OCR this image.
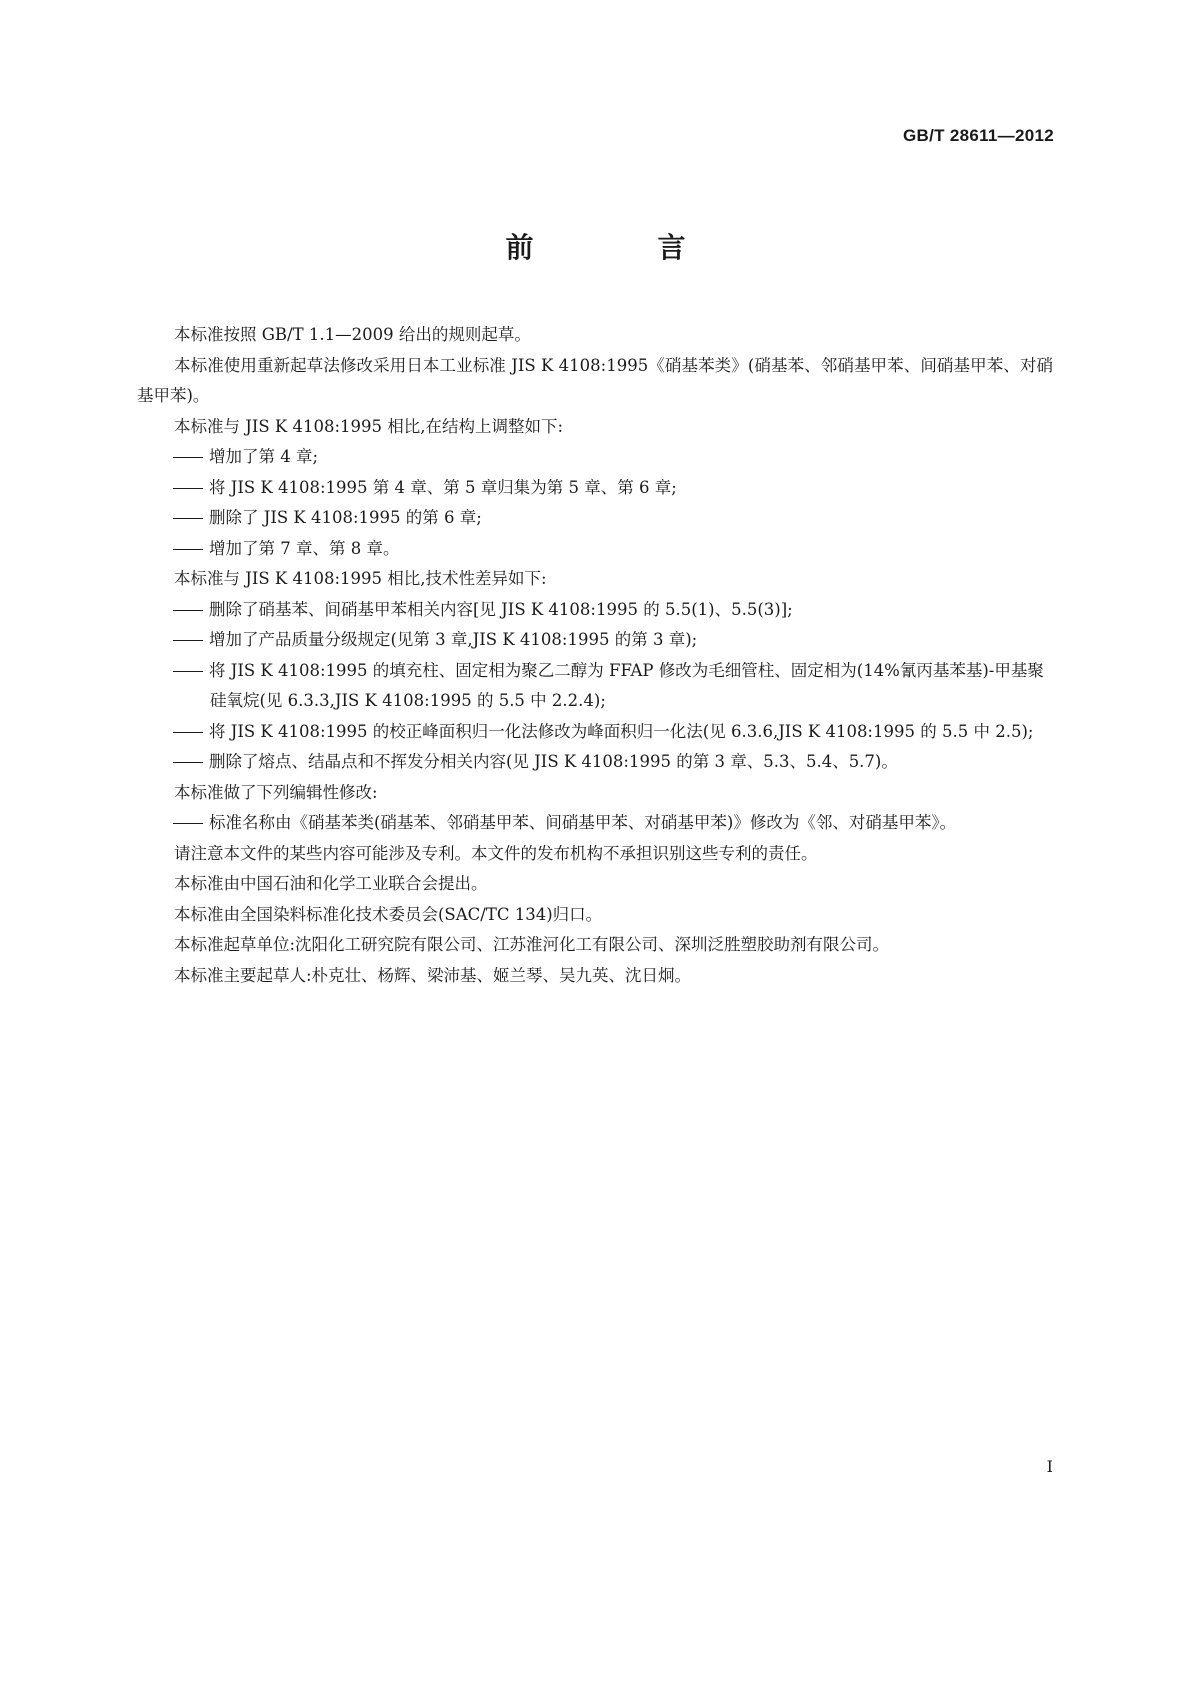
GB/T 28611—2012
前　言

本标准按照 GB/T 1.1—2009 给出的规则起草。

本标准使用重新起草法修改采用日本工业标准 JIS K 4108:1995《硝基苯类》(硝基苯、邻硝基甲苯、间硝基甲苯、对硝基甲苯)。

本标准与 JIS K 4108:1995 相比,在结构上调整如下:

增加了第 4 章;

将 JIS K 4108:1995 第 4 章、第 5 章归集为第 5 章、第 6 章;

删除了 JIS K 4108:1995 的第 6 章;

增加了第 7 章、第 8 章。

本标准与 JIS K 4108:1995 相比,技术性差异如下:

删除了硝基苯、间硝基甲苯相关内容[见 JIS K 4108:1995 的 5.5(1)、5.5(3)];

增加了产品质量分级规定(见第 3 章,JIS K 4108:1995 的第 3 章);

将 JIS K 4108:1995 的填充柱、固定相为聚乙二醇为 FFAP 修改为毛细管柱、固定相为(14%氰丙基苯基)-甲基聚硅氧烷(见 6.3.3,JIS K 4108:1995 的 5.5 中 2.2.4);

将 JIS K 4108:1995 的校正峰面积归一化法修改为峰面积归一化法(见 6.3.6,JIS K 4108:1995 的 5.5 中 2.5);

删除了熔点、结晶点和不挥发分相关内容(见 JIS K 4108:1995 的第 3 章、5.3、5.4、5.7)。

本标准做了下列编辑性修改:

标准名称由《硝基苯类(硝基苯、邻硝基甲苯、间硝基甲苯、对硝基甲苯)》修改为《邻、对硝基甲苯》。

请注意本文件的某些内容可能涉及专利。本文件的发布机构不承担识别这些专利的责任。

本标准由中国石油和化学工业联合会提出。

本标准由全国染料标准化技术委员会(SAC/TC 134)归口。

本标准起草单位:沈阳化工研究院有限公司、江苏淮河化工有限公司、深圳泛胜塑胶助剂有限公司。

本标准主要起草人:朴克壮、杨辉、梁沛基、姬兰琴、吴九英、沈日炯。

I
